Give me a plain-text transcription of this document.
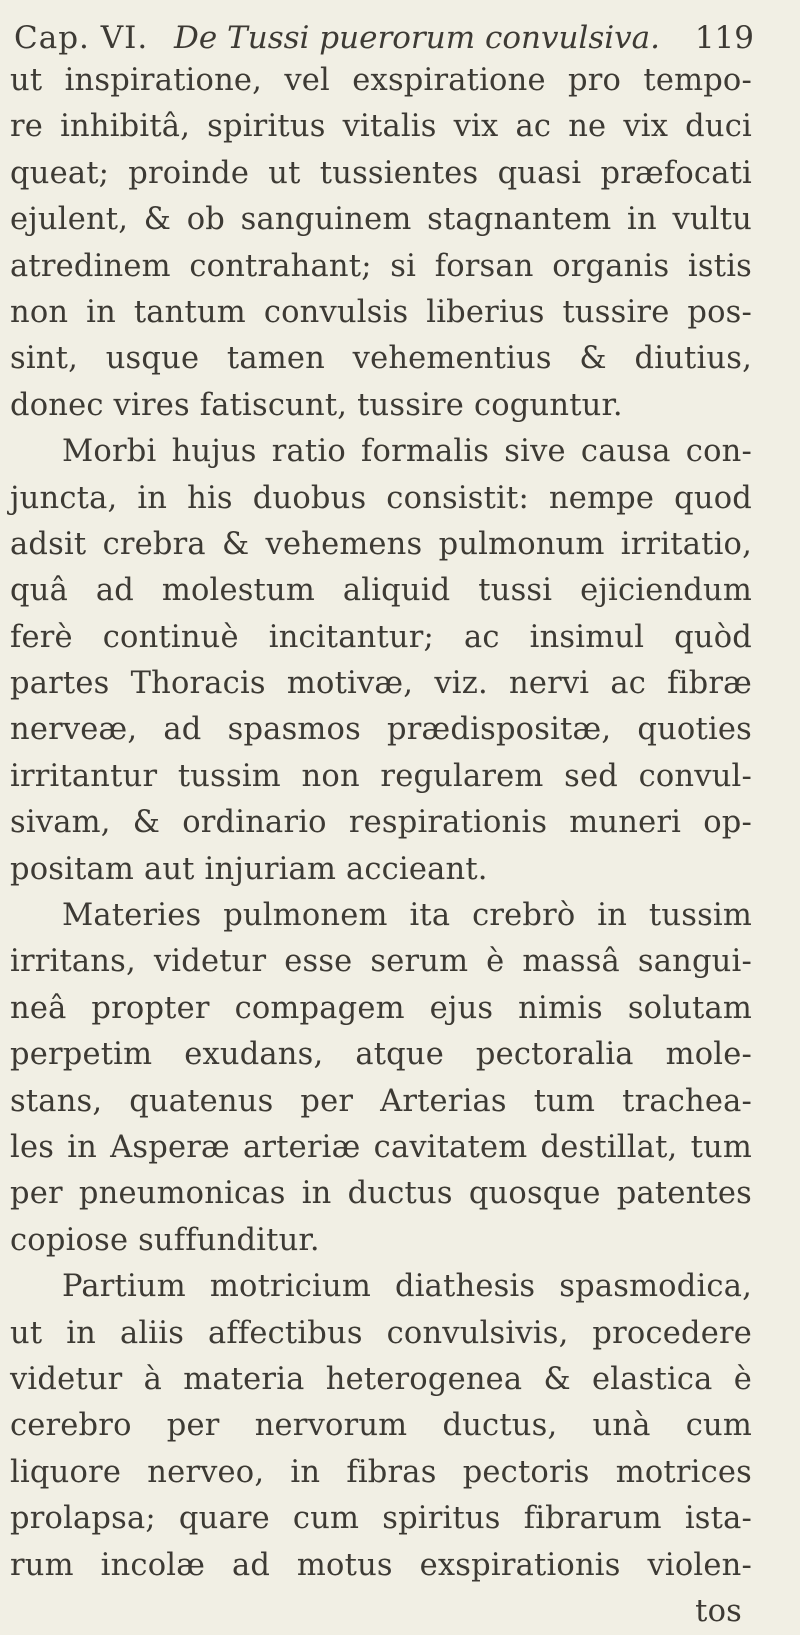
Cap. VI. De Tussi puerorum convulsiva. 119
ut inspiratione, vel exspiratione pro tempo-
re inhibitâ, spiritus vitalis vix ac ne vix duci
queat; proinde ut tussientes quasi præfocati
ejulent, & ob sanguinem stagnantem in vultu
atredinem contrahant; si forsan organis istis
non in tantum convulsis liberius tussire pos-
sint, usque tamen vehementius & diutius,
donec vires fatiscunt, tussire coguntur.
Morbi hujus ratio formalis sive causa con-
juncta, in his duobus consistit: nempe quod
adsit crebra & vehemens pulmonum irritatio,
quâ ad molestum aliquid tussi ejiciendum
ferè continuè incitantur; ac insimul quòd
partes Thoracis motivæ, viz. nervi ac fibræ
nerveæ, ad spasmos prædispositæ, quoties
irritantur tussim non regularem sed convul-
sivam, & ordinario respirationis muneri op-
positam aut injuriam accieant.
Materies pulmonem ita crebrò in tussim
irritans, videtur esse serum è massâ sangui-
neâ propter compagem ejus nimis solutam
perpetim exudans, atque pectoralia mole-
stans, quatenus per Arterias tum trachea-
les in Asperæ arteriæ cavitatem destillat, tum
per pneumonicas in ductus quosque patentes
copiose suffunditur.
Partium motricium diathesis spasmodica,
ut in aliis affectibus convulsivis, procedere
videtur à materia heterogenea & elastica è
cerebro per nervorum ductus, unà cum
liquore nerveo, in fibras pectoris motrices
prolapsa; quare cum spiritus fibrarum ista-
rum incolæ ad motus exspirationis violen-
tos
